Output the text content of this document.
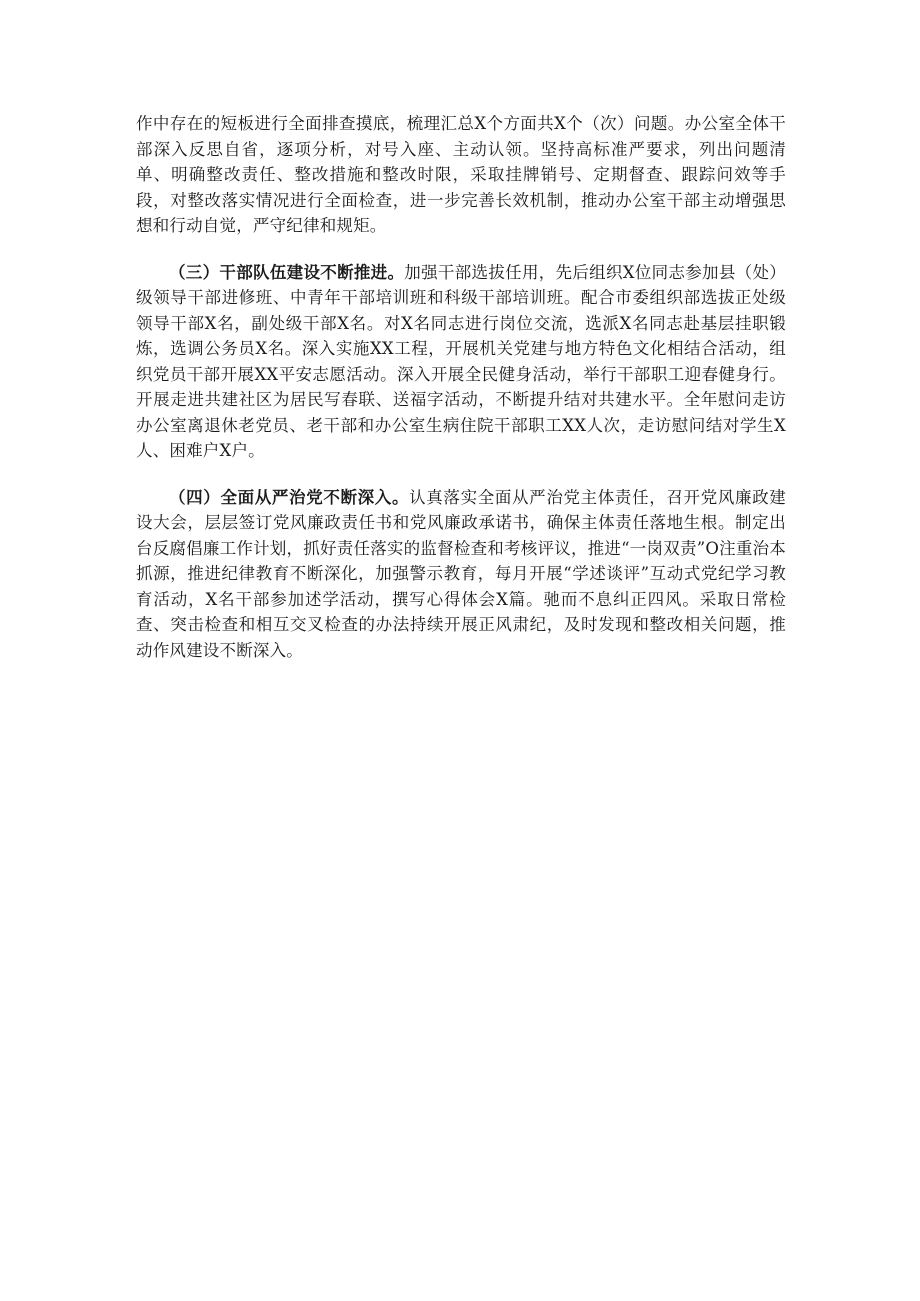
作中存在的短板进行全面排查摸底，梳理汇总X个方面共X个（次）问题。办公室全体干部深入反思自省，逐项分析，对号入座、主动认领。坚持高标准严要求，列出问题清单、明确整改责任、整改措施和整改时限，采取挂牌销号、定期督查、跟踪问效等手段，对整改落实情况进行全面检查，进一步完善长效机制，推动办公室干部主动增强思想和行动自觉，严守纪律和规矩。

（三）干部队伍建设不断推进。加强干部选拔任用，先后组织X位同志参加县（处）级领导干部进修班、中青年干部培训班和科级干部培训班。配合市委组织部选拔正处级领导干部X名，副处级干部X名。对X名同志进行岗位交流，选派X名同志赴基层挂职锻炼，选调公务员X名。深入实施XX工程，开展机关党建与地方特色文化相结合活动，组织党员干部开展XX平安志愿活动。深入开展全民健身活动，举行干部职工迎春健身行。开展走进共建社区为居民写春联、送福字活动，不断提升结对共建水平。全年慰问走访办公室离退休老党员、老干部和办公室生病住院干部职工XX人次，走访慰问结对学生X人、困难户X户。

（四）全面从严治党不断深入。认真落实全面从严治党主体责任，召开党风廉政建设大会，层层签订党风廉政责任书和党风廉政承诺书，确保主体责任落地生根。制定出台反腐倡廉工作计划，抓好责任落实的监督检查和考核评议，推进“一岗双责”O注重治本抓源，推进纪律教育不断深化，加强警示教育，每月开展“学述谈评”互动式党纪学习教育活动，X名干部参加述学活动，撰写心得体会X篇。驰而不息纠正四风。采取日常检查、突击检查和相互交叉检查的办法持续开展正风肃纪，及时发现和整改相关问题，推动作风建设不断深入。
